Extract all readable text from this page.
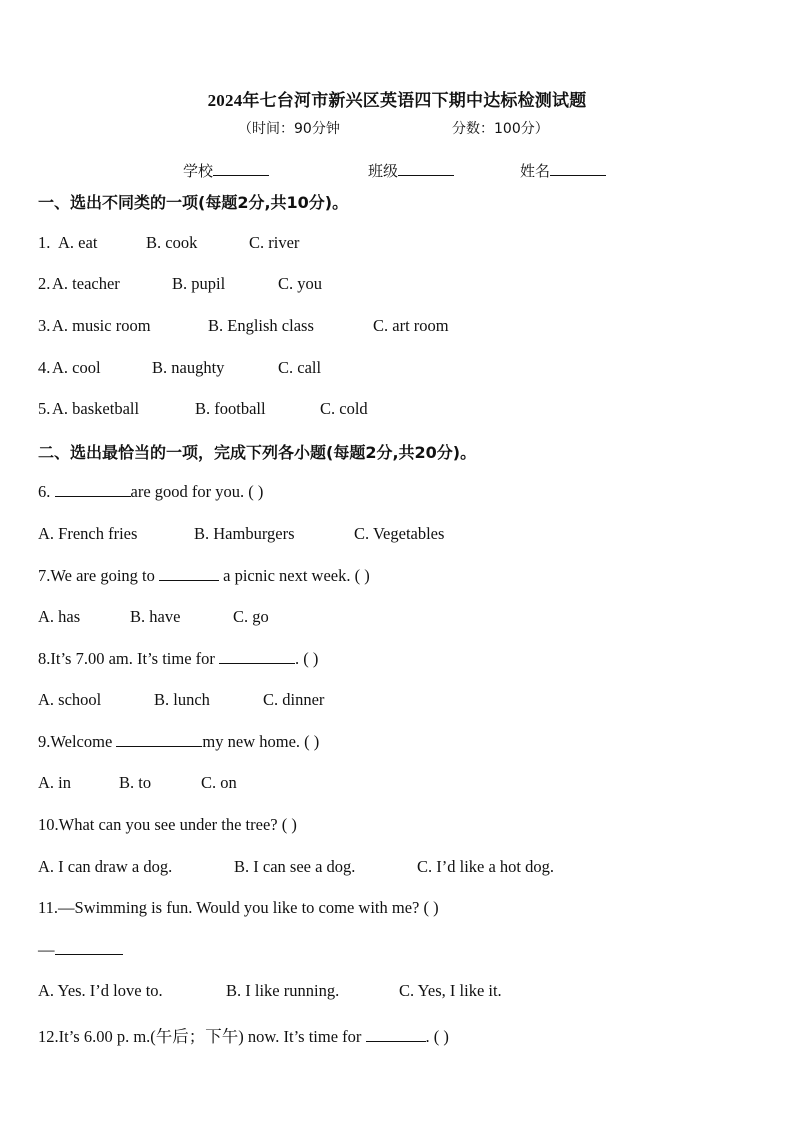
2024年七台河市新兴区英语四下期中达标检测试题
（时间：90分钟	分数：100分）
学校	班级	姓名
一、选出不同类的一项(每题2分,共10分)。
1. A. eat	B. cook	C. river
2. A. teacher	B. pupil	C. you
3. A. music room	B. English class	C. art room
4. A. cool	B. naughty	C. call
5. A. basketball	B. football	C. cold
二、选出最恰当的一项，完成下列各小题(每题2分,共20分)。
6.	are good for you. ( )
A. French fries	B. Hamburgers	C. Vegetables
7.We are going to	a picnic next week. ( )
A. has	B. have	C. go
8.It’s 7.00 am. It’s time for	. ( )
A. school	B. lunch	C. dinner
9.Welcome	my new home. ( )
A. in	B. to	C. on
10.What can you see under the tree? ( )
A. I can draw a dog.	B. I can see a dog.	C. I’d like a hot dog.
11.—Swimming is fun. Would you like to come with me? ( )
—
A. Yes. I’d love to.	B. I like running.	C. Yes, I like it.
12.It’s 6.00 p. m.(午后；下午) now. It’s time for	. ( )
